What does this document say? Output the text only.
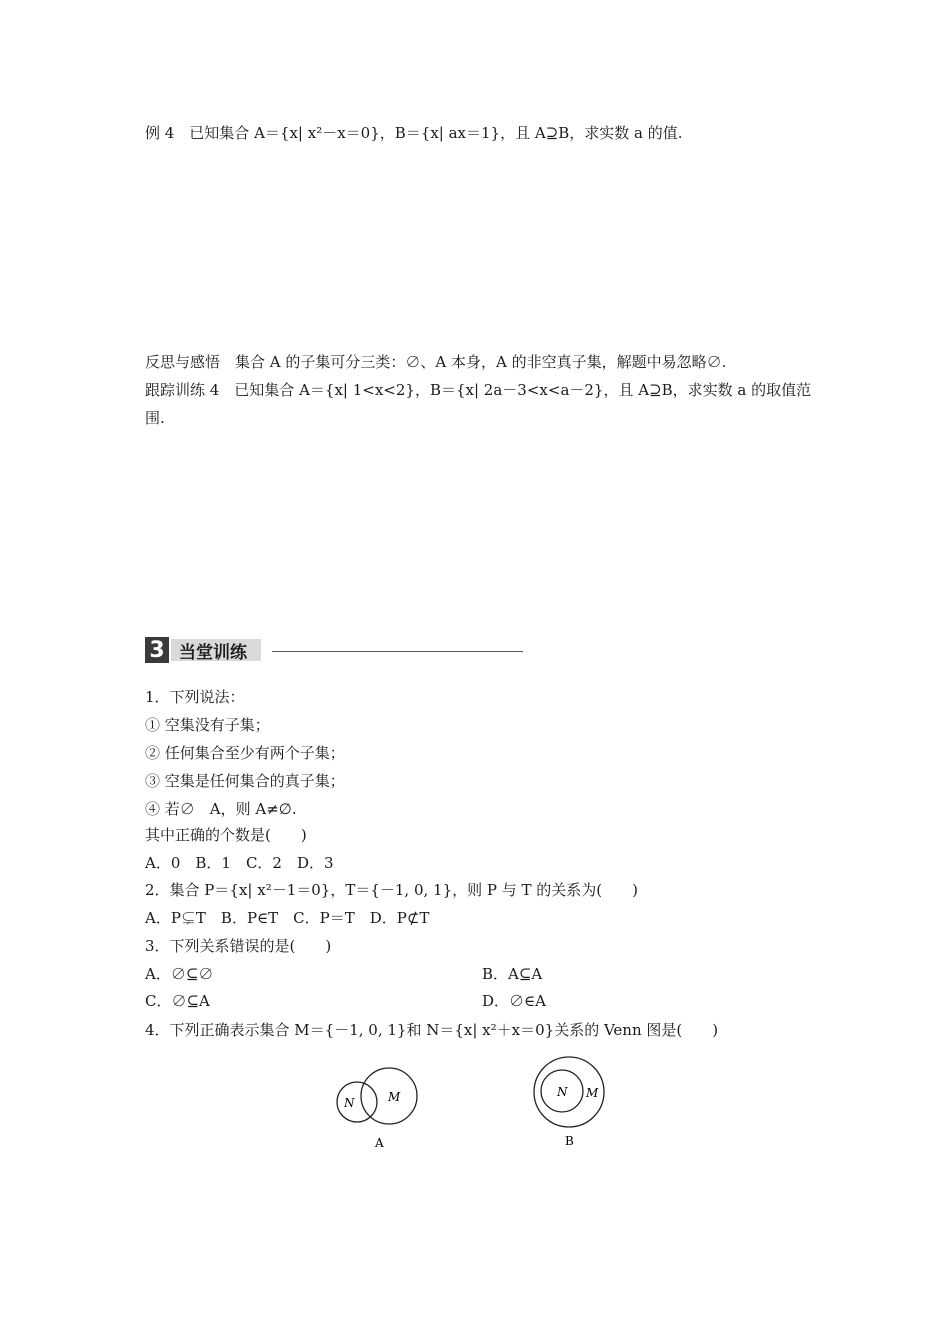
例 4　已知集合 A＝{x| x²－x＝0}，B＝{x| ax＝1}，且 A⊇B，求实数 a 的值.
反思与感悟　集合 A 的子集可分三类：∅、A 本身，A 的非空真子集，解题中易忽略∅.
跟踪训练 4　已知集合 A＝{x| 1<x<2}，B＝{x| 2a－3<x<a－2}，且 A⊇B，求实数 a 的取值范
围.
3 当堂训练
1．下列说法：
① 空集没有子集；
② 任何集合至少有两个子集；
③ 空集是任何集合的真子集；
④ 若∅　A，则 A≠∅.
其中正确的个数是(　　)
A．0　B．1　C．2　D．3
2．集合 P＝{x| x²－1＝0}，T＝{－1, 0, 1}，则 P 与 T 的关系为(　　)
A．P⊊T　B．P∈T　C．P＝T　D．P⊄T
3．下列关系错误的是(　　)
A．∅⊆∅	B．A⊆A
C．∅⊆A	D．∅∈A
4．下列正确表示集合 M＝{－1, 0, 1}和 N＝{x| x²＋x＝0}关系的 Venn 图是(　　)
N	M
A
N M
B
